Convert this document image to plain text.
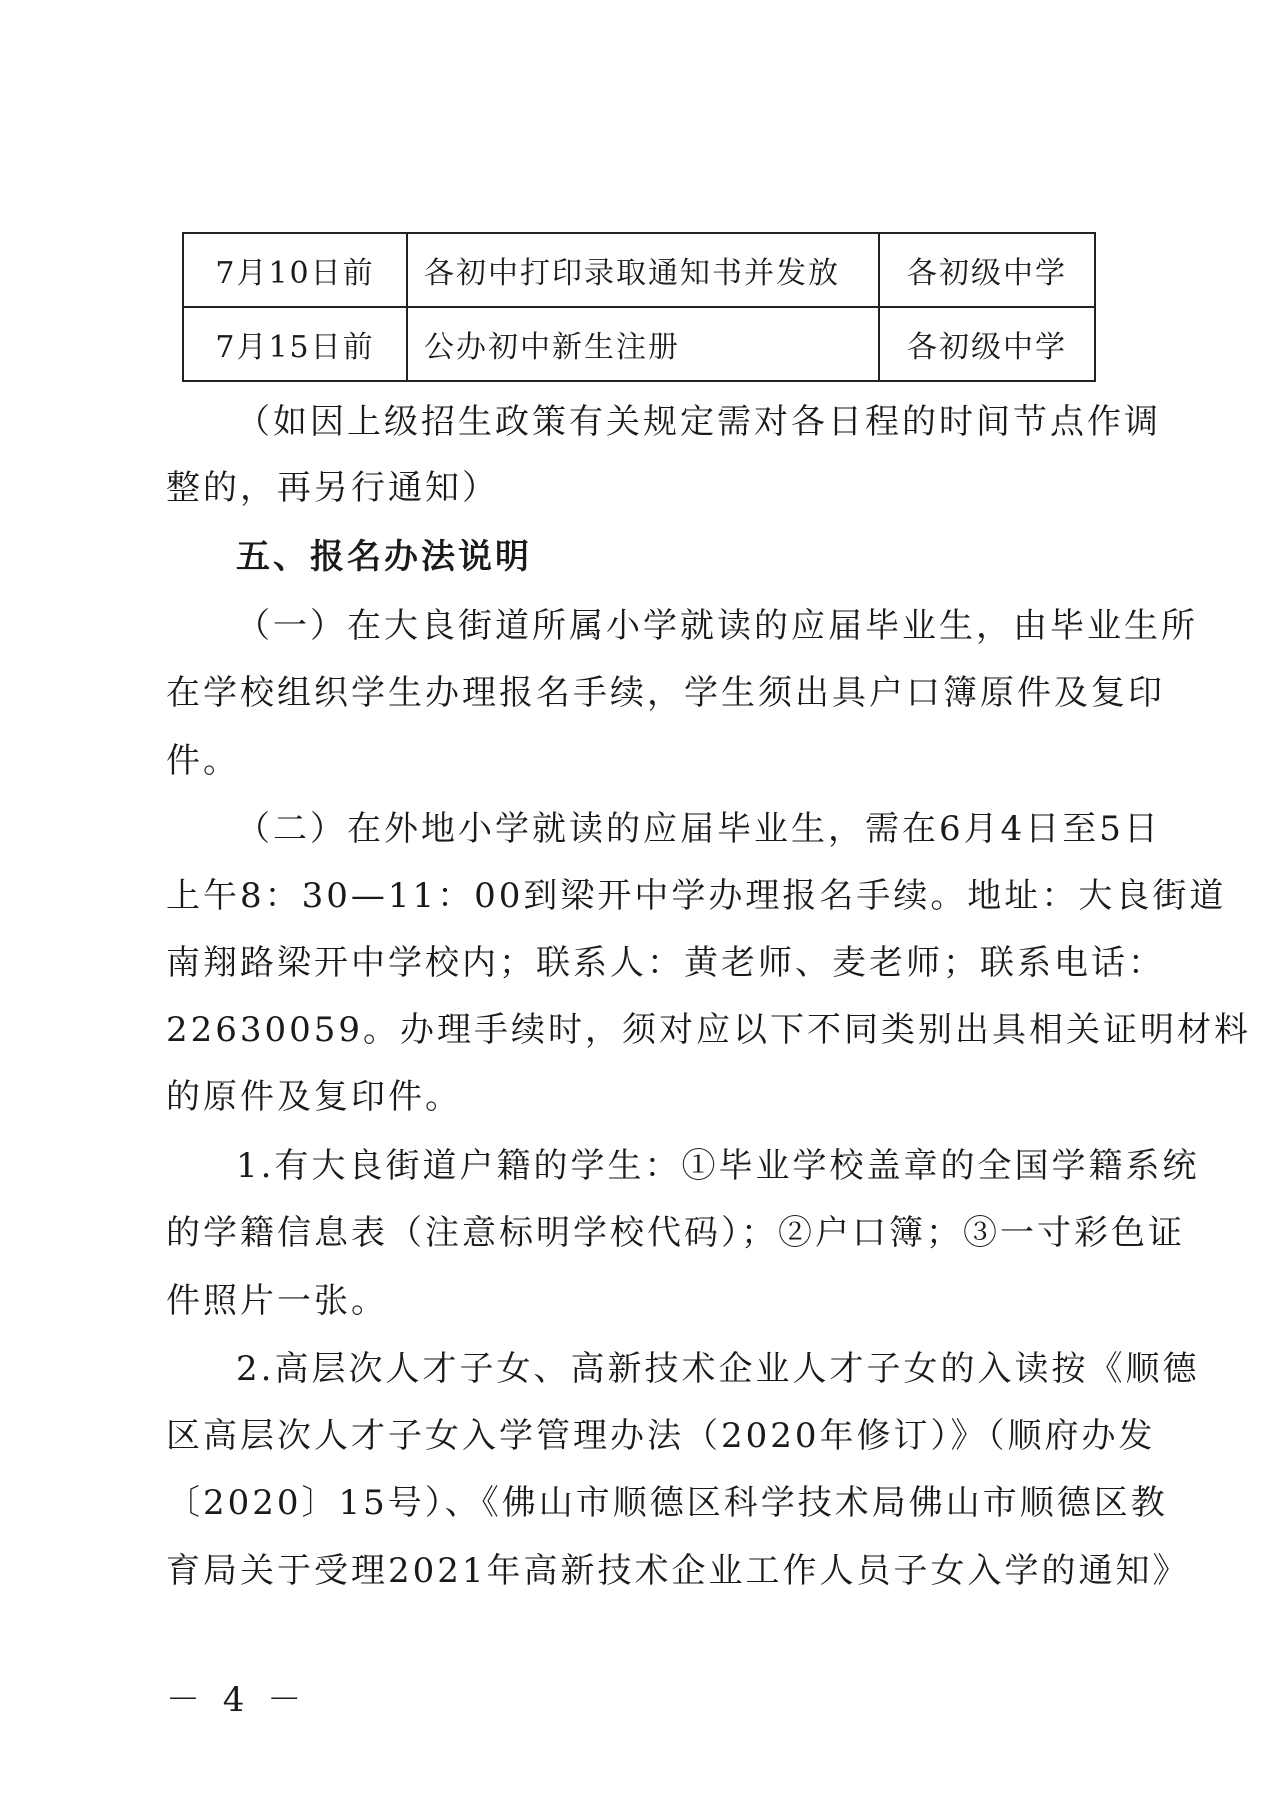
7月10日前	各初中打印录取通知书并发放	各初级中学
7月15日前	公办初中新生注册	各初级中学
（如因上级招生政策有关规定需对各日程的时间节点作调
整的，再另行通知）
五、报名办法说明
（一）在大良街道所属小学就读的应届毕业生，由毕业生所
在学校组织学生办理报名手续，学生须出具户口簿原件及复印
件。
（二）在外地小学就读的应届毕业生，需在6月4日至5日
上午8：30—11：00到梁开中学办理报名手续。地址：大良街道
南翔路梁开中学校内；联系人：黄老师、麦老师；联系电话：
22630059。办理手续时，须对应以下不同类别出具相关证明材料
的原件及复印件。
1.有大良街道户籍的学生：①毕业学校盖章的全国学籍系统
的学籍信息表（注意标明学校代码）；②户口簿；③一寸彩色证
件照片一张。
2.高层次人才子女、高新技术企业人才子女的入读按《顺德
区高层次人才子女入学管理办法（2020年修订）》（顺府办发
〔2020〕15号）、《佛山市顺德区科学技术局佛山市顺德区教
育局关于受理2021年高新技术企业工作人员子女入学的通知》
－ 4 －
